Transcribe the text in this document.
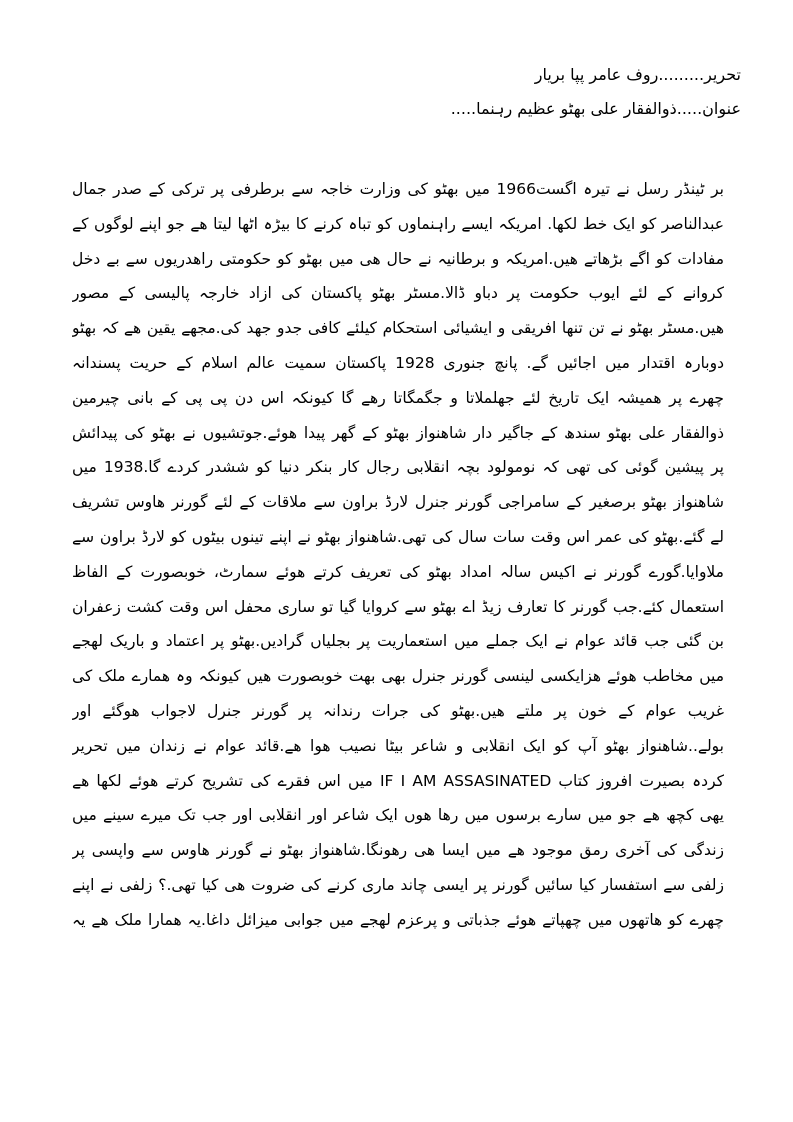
تحریر.........روف عامر پپا بریار
عنوان.....ذوالفقار علی بھٹو عظیم رہنما.....
بر ٹینڈر رسل نے تیرہ اگست1966 میں بھٹو کی وزارت خاجہ سے برطرفی پر ترکی کے صدر جمال
عبدالناصر کو ایک خط لکھا. امریکہ ایسے راہنماوں کو تباہ کرنے کا بیڑہ اٹھا لیتا ھے جو اپنے لوگوں کے
مفادات کو اگے بڑھاتے ھیں.امریکہ و برطانیہ نے حال ھی میں بھٹو کو حکومتی راھدریوں سے بے دخل
کروانے کے لئے ایوب حکومت پر دباو ڈالا.مسٹر بھٹو پاکستان کی ازاد خارجہ پالیسی کے مصور
ھیں.مسٹر بھٹو نے تن تنھا افریقی و ایشیائی استحکام کیلئے کافی جدو جھد کی.مجھے یقین ھے کہ بھٹو
دوبارہ اقتدار میں اجائیں گے. پانچ جنوری 1928 پاکستان سمیت عالم اسلام کے حریت پسندانہ
چھرے پر ھمیشہ ایک تاریخ لئے جھلملاتا و جگمگاتا رھے گا کیونکہ اس دن پی پی کے بانی چیرمین
ذوالفقار علی بھٹو سندھ کے جاگیر دار شاھنواز بھٹو کے گھر پیدا ھوئے.جوتشیوں نے بھٹو کی پیدائش
پر پیشین گوئی کی تھی کہ نومولود بچہ انقلابی رجال کار بنکر دنیا کو ششدر کردے گا.1938 میں
شاھنواز بھٹو برصغیر کے سامراجی گورنر جنرل لارڈ براون سے ملاقات کے لئے گورنر ھاوس تشریف
لے گئے.بھٹو کی عمر اس وقت سات سال کی تھی.شاھنواز بھٹو نے اپنے تینوں بیٹوں کو لارڈ براون سے
ملاوایا.گورے گورنر نے اکیس سالہ امداد بھٹو کی تعریف کرتے ھوئے سمارٹ، خوبصورت کے الفاظ
استعمال کئے.جب گورنر کا تعارف زیڈ اے بھٹو سے کروایا گیا تو ساری محفل اس وقت کشت زعفران
بن گئی جب قائد عوام نے ایک جملے میں استعماریت پر بجلیاں گرادیں.بھٹو پر اعتماد و باریک لھجے
میں مخاطب ھوئے ھزایکسی لینسی گورنر جنرل بھی بھت خوبصورت ھیں کیونکہ وہ ھمارے ملک کی
غریب عوام کے خون پر ملتے ھیں.بھٹو کی جرات رندانہ پر گورنر جنرل لاجواب ھوگئے اور
بولے..شاھنواز بھٹو آپ کو ایک انقلابی و شاعر بیٹا نصیب ھوا ھے.قائد عوام نے زندان میں تحریر
کردہ بصیرت افروز کتاب IF I AM ASSASINATED میں اس فقرے کی تشریح کرتے ھوئے لکھا ھے
یھی کچھ ھے جو میں سارے برسوں میں رھا ھوں ایک شاعر اور انقلابی اور جب تک میرے سینے میں
زندگی کی آخری رمق موجود ھے میں ایسا ھی رھونگا.شاھنواز بھٹو نے گورنر ھاوس سے واپسی پر
زلفی سے استفسار کیا سائیں گورنر پر ایسی چاند ماری کرنے کی ضروت ھی کیا تھی.؟ زلفی نے اپنے
چھرے کو ھاتھوں میں چھپاتے ھوئے جذباتی و پرعزم لھجے میں جوابی میزائل داغا.یہ ھمارا ملک ھے یہ
